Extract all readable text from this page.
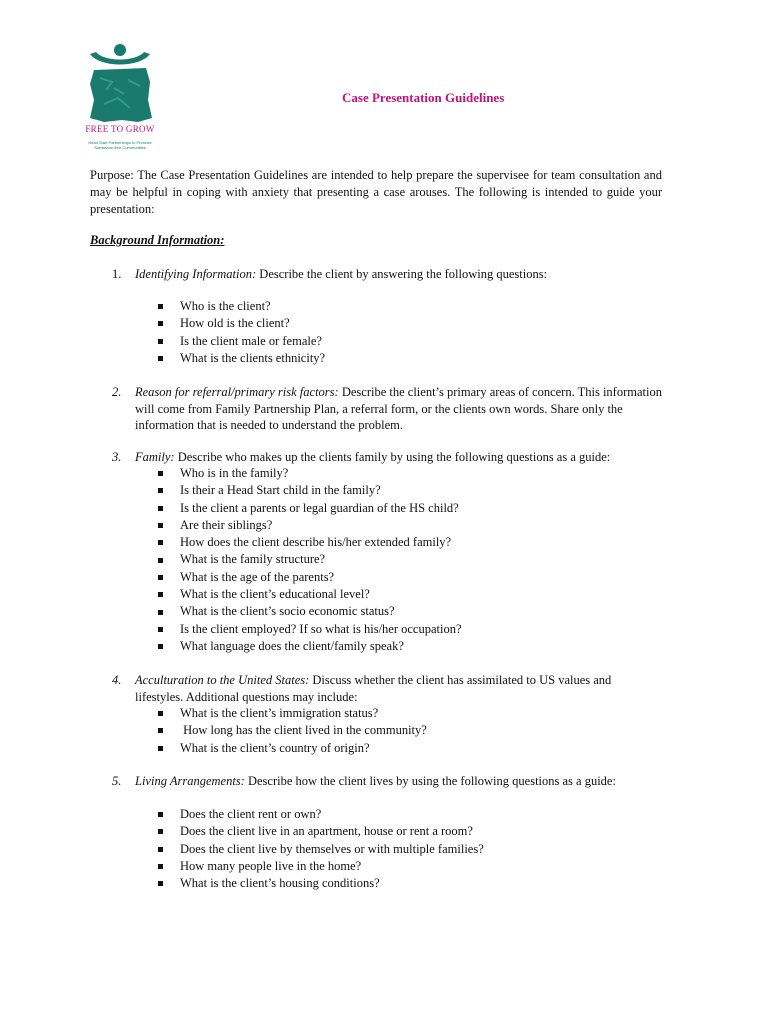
FREE TO GROW
Head Start Partnerships to Promote Substance-free Communities
Case Presentation Guidelines
Purpose: The Case Presentation Guidelines are intended to help prepare the supervisee for team consultation and may be helpful in coping with anxiety that presenting a case arouses. The following is intended to guide your presentation:
Background Information:
1. Identifying Information: Describe the client by answering the following questions:
Who is the client?
How old is the client?
Is the client male or female?
What is the clients ethnicity?
2. Reason for referral/primary risk factors: Describe the client’s primary areas of concern. This information will come from Family Partnership Plan, a referral form, or the clients own words. Share only the information that is needed to understand the problem.
3. Family: Describe who makes up the clients family by using the following questions as a guide:
Who is in the family?
Is their a Head Start child in the family?
Is the client a parents or legal guardian of the HS child?
Are their siblings?
How does the client describe his/her extended family?
What is the family structure?
What is the age of the parents?
What is the client’s educational level?
What is the client’s socio economic status?
Is the client employed? If so what is his/her occupation?
What language does the client/family speak?
4. Acculturation to the United States: Discuss whether the client has assimilated to US values and lifestyles. Additional questions may include:
What is the client’s immigration status?
How long has the client lived in the community?
What is the client’s country of origin?
5. Living Arrangements: Describe how the client lives by using the following questions as a guide:
Does the client rent or own?
Does the client live in an apartment, house or rent a room?
Does the client live by themselves or with multiple families?
How many people live in the home?
What is the client’s housing conditions?
